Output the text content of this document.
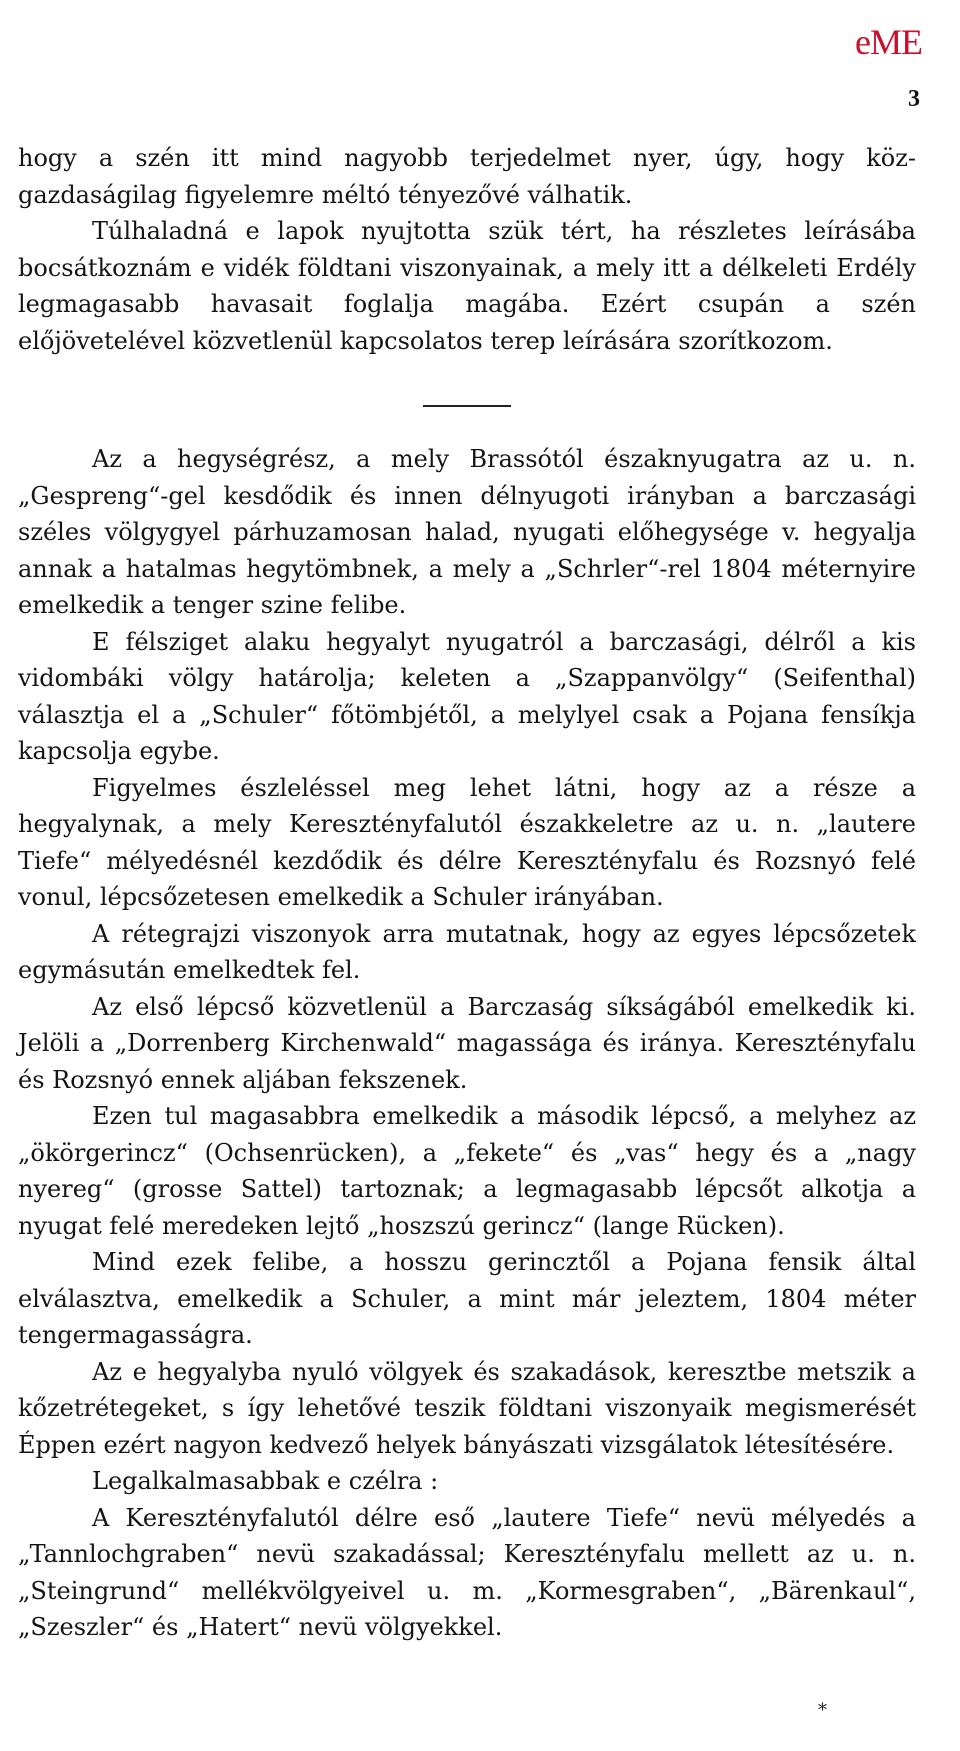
eME
3

hogy a szén itt mind nagyobb terjedelmet nyer, úgy, hogy közgazdaságilag figyelemre méltó tényezővé válhatik.

Túlhaladná e lapok nyujtotta szük tért, ha részletes leírásába bocsátkoznám e vidék földtani viszonyainak, a mely itt a délkeleti Erdély legmagasabb havasait foglalja magába. Ezért csupán a szén előjövetelével közvetlenül kapcsolatos terep leírására szorítkozom.

Az a hegységrész, a mely Brassótól északnyugatra az u. n. „Gespreng“-gel kesdődik és innen délnyugoti irányban a barczasági széles völgygyel párhuzamosan halad, nyugati előhegysége v. hegyalja annak a hatalmas hegytömbnek, a mely a „Schrler“-rel 1804 méternyire emelkedik a tenger szine felibe.

E félsziget alaku hegyalyt nyugatról a barczasági, délről a kis vidombáki völgy határolja; keleten a „Szappanvölgy“ (Seifenthal) választja el a „Schuler“ főtömbjétől, a melylyel csak a Pojana fensíkja kapcsolja egybe.

Figyelmes észleléssel meg lehet látni, hogy az a része a hegyalynak, a mely Keresztényfalutól északkeletre az u. n. „lautere Tiefe“ mélyedésnél kezdődik és délre Keresztényfalu és Rozsnyó felé vonul, lépcsőzetesen emelkedik a Schuler irányában.

A rétegrajzi viszonyok arra mutatnak, hogy az egyes lépcsőzetek egymásután emelkedtek fel.

Az első lépcső közvetlenül a Barczaság síkságából emelkedik ki. Jelöli a „Dorrenberg Kirchenwald“ magassága és iránya. Keresztényfalu és Rozsnyó ennek aljában fekszenek.

Ezen tul magasabbra emelkedik a második lépcső, a melyhez az „ökörgerincz“ (Ochsenrücken), a „fekete“ és „vas“ hegy és a „nagy nyereg“ (grosse Sattel) tartoznak; a legmagasabb lépcsőt alkotja a nyugat felé meredeken lejtő „hoszszú gerincz“ (lange Rücken).

Mind ezek felibe, a hosszu gerincztől a Pojana fensik által elválasztva, emelkedik a Schuler, a mint már jeleztem, 1804 méter tengermagasságra.

Az e hegyalyba nyuló völgyek és szakadások, keresztbe metszik a kőzetrétegeket, s így lehetővé teszik földtani viszonyaik megismerését Éppen ezért nagyon kedvező helyek bányászati vizsgálatok létesítésére.

Legalkalmasabbak e czélra :

A Keresztényfalutól délre eső „lautere Tiefe“ nevü mélyedés a „Tannlochgraben“ nevü szakadással; Keresztényfalu mellett az u. n. „Steingrund“ mellékvölgyeivel u. m. „Kormesgraben“, „Bärenkaul“, „Szeszler“ és „Hatert“ nevü völgyekkel.

*
